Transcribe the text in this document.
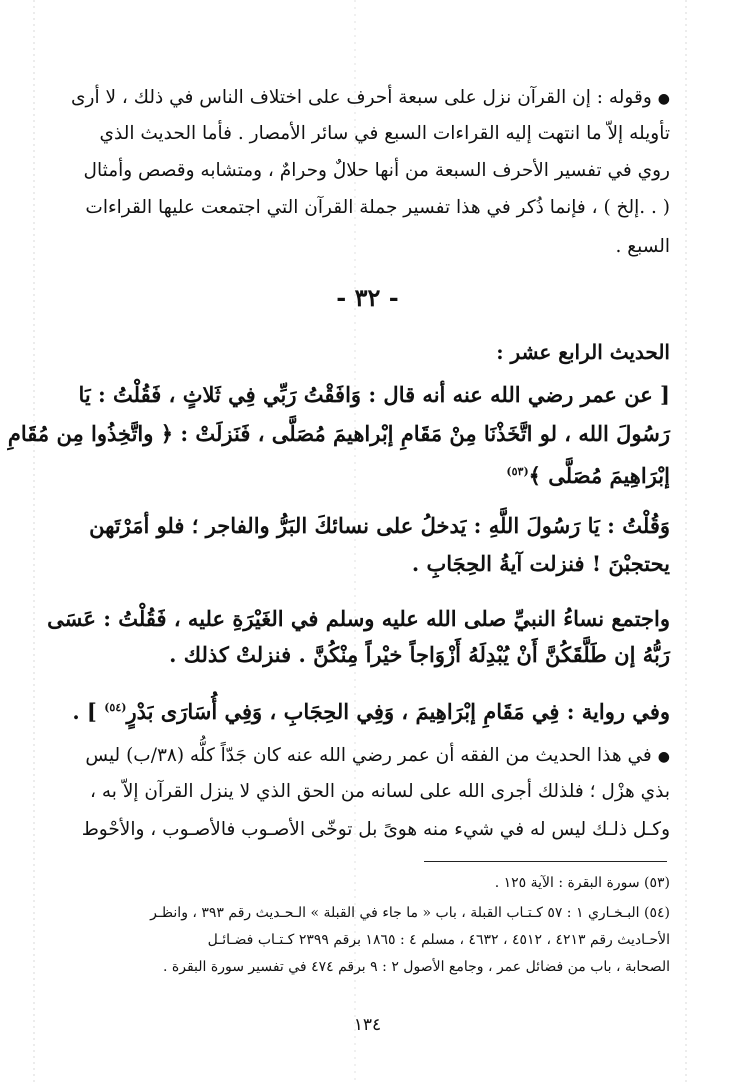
●وقوله : إن القرآن نزل على سبعة أحرف على اختلاف الناس في ذلك ، لا أرى
تأويله إلاّ ما انتهت إليه القراءات السبع في سائر الأمصار . فأما الحديث الذي
روي في تفسير الأحرف السبعة من أنها حلالٌ وحرامٌ ، ومتشابه وقصص وأمثال
( . .إلخ ) ، فإنما ذُكر في هذا تفسير جملة القرآن التي اجتمعت عليها القراءات
السبع .
- ٣٢ -
الحديث الرابع عشر :
[ عن عمر رضي الله عنه أنه قال : وَافَقْتُ رَبِّي فِي ثَلاثٍ ، فَقُلْتُ : يَا
رَسُولَ الله ، لو اتَّخَذْنَا مِنْ مَقَامِ إبْراهيمَ مُصَلَّى ، فَنَزلَتْ : ﴿ واتَّخِذُوا مِن مُقَامِ
إبْرَاهِيمَ مُصَلَّى ﴾$^{(٥٣)}$
وَقُلْتُ : يَا رَسُولَ اللَّهِ : يَدخلُ على نسائكَ البَرُّ والفاجر ؛ فلو أمَرْتَهن
يحتجبْنَ ! فنزلت آيةُ الحِجَابِ .
واجتمع نساءُ النبيِّ صلى الله عليه وسلم في الغَيْرَةِ عليه ، فَقُلْتُ : عَسَى
رَبُّهُ إن طَلَّقَكُنَّ أَنْ يُبْدِلَهُ أَزْوَاجاً خيْراً مِنْكُنَّ . فنزلتْ كذلك .
وفي رواية : فِي مَقَامِ إبْرَاهِيمَ ، وَفِي الحِجَابِ ، وَفِي أُسَارَى بَدْرٍ$^{(٥٤)}$ ] .
●في هذا الحديث من الفقه أن عمر رضي الله عنه كان جَدّاً كلُّه (٣٨/ب) ليس
بذي هزْل ؛ فلذلك أجرى الله على لسانه من الحق الذي لا ينزل القرآن إلاّ به ،
وكـل ذلـك ليس له في شيء منه هوىً بل توخّى الأصـوب فالأصـوب ، والأحْوط
(٥٣) سورة البقرة : الآية ١٢٥ .
(٥٤) البـخـاري ١ : ٥٧ كـتـاب القبلة ، باب « ما جاء في القبلة » الـحـديث رقم ٣٩٣ ، وانظـر
الأحـاديث رقم ٤٢١٣ ، ٤٥١٢ ، ٤٦٣٢ ، مسلم ٤ : ١٨٦٥ برقم ٢٣٩٩ كـتـاب فضـائـل
الصحابة ، باب من فضائل عمر ، وجامع الأصول ٢ : ٩ برقم ٤٧٤ في تفسير سورة البقرة .
١٣٤
